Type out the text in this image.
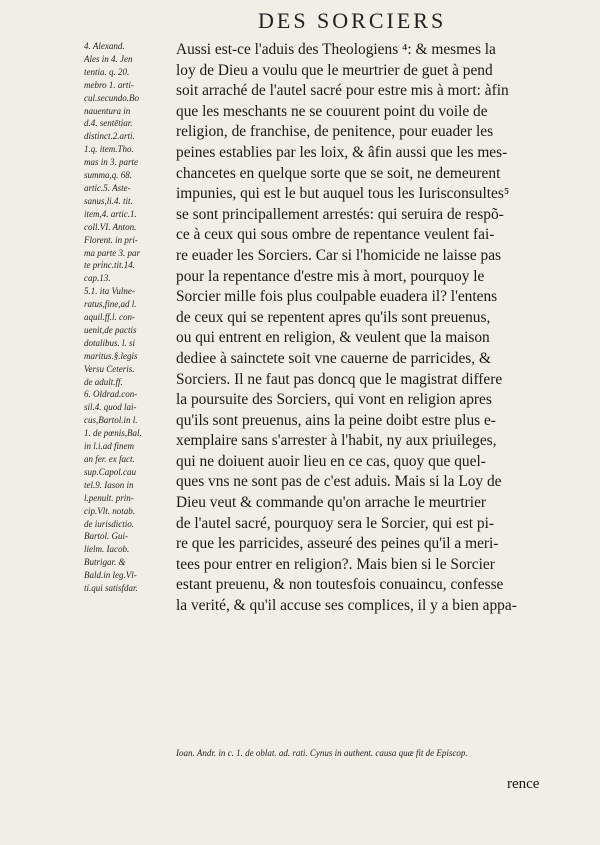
DES SORCIERS
4. Alexand.
Ales in 4. Jen
tentia. q. 20.
mebro 1. arti-
cul.secundo.Bo
nauentura in
d.4. sentētiar.
distinct.2.arti.
1.q. item.Tho.
mas in 3. parte
summa,q. 68.
artic.5. Aste-
sanus,li.4. tit.
item,4. artic.1.
coll.VI. Anton.
Florent. in pri-
ma parte 3. par
te princ.tit.14.
cap.13.
5.1. ita Vulne-
ratus,fine,ad l.
aquil.ff.l. con-
uenit,de pactis
dotalibus. l. si
maritus.§.legis
Versu Ceteris.
de adult.ff.
6. Oldrad.con-
sil.4. quod lai-
cus,Bartol.in l.
1. de pœnis,Bal.
in l.i.ad finem
an fer. ex fact.
sup.Capol.cau
tel.9. Iason in
l.penult. prin-
cip.Vlt. notab.
de iurisdictio.
Bartol. Gui-
lielm. Iacob.
Butrigar. &
Bald.in leg.Vl-
ti.qui satisfdar.
Aussi est-ce l'aduis des Theologiens ⁴: & mesmes la
loy de Dieu a voulu que le meurtrier de guet à pend
soit arraché de l'autel sacré pour estre mis à mort: àfin
que les meschants ne se couurent point du voile de
religion, de franchise, de penitence, pour euader les
peines establies par les loix, & âfin aussi que les mes-
chancetes en quelque sorte que se soit, ne demeurent
impunies, qui est le but auquel tous les Iurisconsultes⁵
se sont principallement arrestés: qui seruira de respõ-
ce à ceux qui sous ombre de repentance veulent fai-
re euader les Sorciers. Car si l'homicide ne laisse pas
pour la repentance d'estre mis à mort, pourquoy le
Sorcier mille fois plus coulpable euadera il? l'entens
de ceux qui se repentent apres qu'ils sont preuenus,
ou qui entrent en religion, & veulent que la maison
dediee à sainctete soit vne cauerne de parricides, &
Sorciers. Il ne faut pas doncq que le magistrat differe
la poursuite des Sorciers, qui vont en religion apres
qu'ils sont preuenus, ains la peine doibt estre plus e-
xemplaire sans s'arrester à l'habit, ny aux priuileges,
qui ne doiuent auoir lieu en ce cas, quoy que quel-
ques vns ne sont pas de c'est aduis. Mais si la Loy de
Dieu veut & commande qu'on arrache le meurtrier
de l'autel sacré, pourquoy sera le Sorcier, qui est pi-
re que les parricides, asseuré des peines qu'il a meri-
tees pour entrer en religion?. Mais bien si le Sorcier
estant preuenu, & non toutesfois conuaincu, confesse
la verité, & qu'il accuse ses complices, il y a bien appa-
Ioan. Andr. in c. 1. de oblat. ad. rati. Cynus in authent. causa quæ fit de Episcop.
rence
